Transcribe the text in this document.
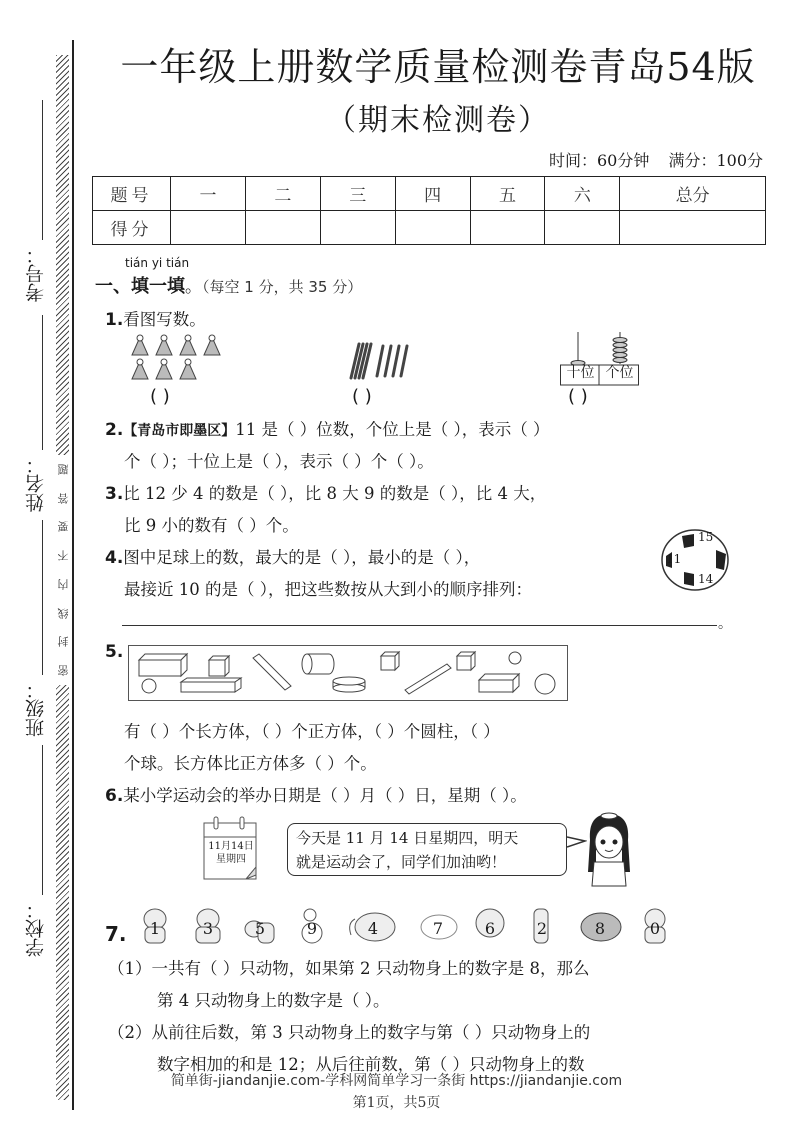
题
答
要
不
内
线
封
密
考号：
姓名：
班级：
学校：
一年级上册数学质量检测卷青岛54版
（期末检测卷）
时间：60分钟 满分：100分
题号	一	二	三	四	五	六	总分
得分							
tián yi tián
一、填一填。（每空 1 分，共 35 分）
1.看图写数。
十位 个位
( )	( )	( )
2.【青岛市即墨区】11 是（ ）位数，个位上是（ ），表示（ ）
个（ ）；十位上是（ ），表示（ ）个（ ）。
3.比 12 少 4 的数是（ ），比 8 大 9 的数是（ ），比 4 大，
比 9 小的数有（ ）个。
4.图中足球上的数，最大的是（ ），最小的是（ ），
最接近 10 的是（ ），把这些数按从大到小的顺序排列：
15
11
14
。
5.
有（ ）个长方体，（ ）个正方体，（ ）个圆柱，（ ）
个球。长方体比正方体多（ ）个。
6.某小学运动会的举办日期是（ ）月（ ）日，星期（ ）。
11月14日
星期四
今天是 11 月 14 日星期四，明天
就是运动会了，同学们加油哟！
7.	1	3	5	9	4	7	6	2	8	0
（1）一共有（ ）只动物，如果第 2 只动物身上的数字是 8，那么
第 4 只动物身上的数字是（ ）。
（2）从前往后数，第 3 只动物身上的数字与第（ ）只动物身上的
数字相加的和是 12；从后往前数，第（ ）只动物身上的数
简单街-jiandanjie.com-学科网简单学习一条街 https://jiandanjie.com
第1页，共5页
